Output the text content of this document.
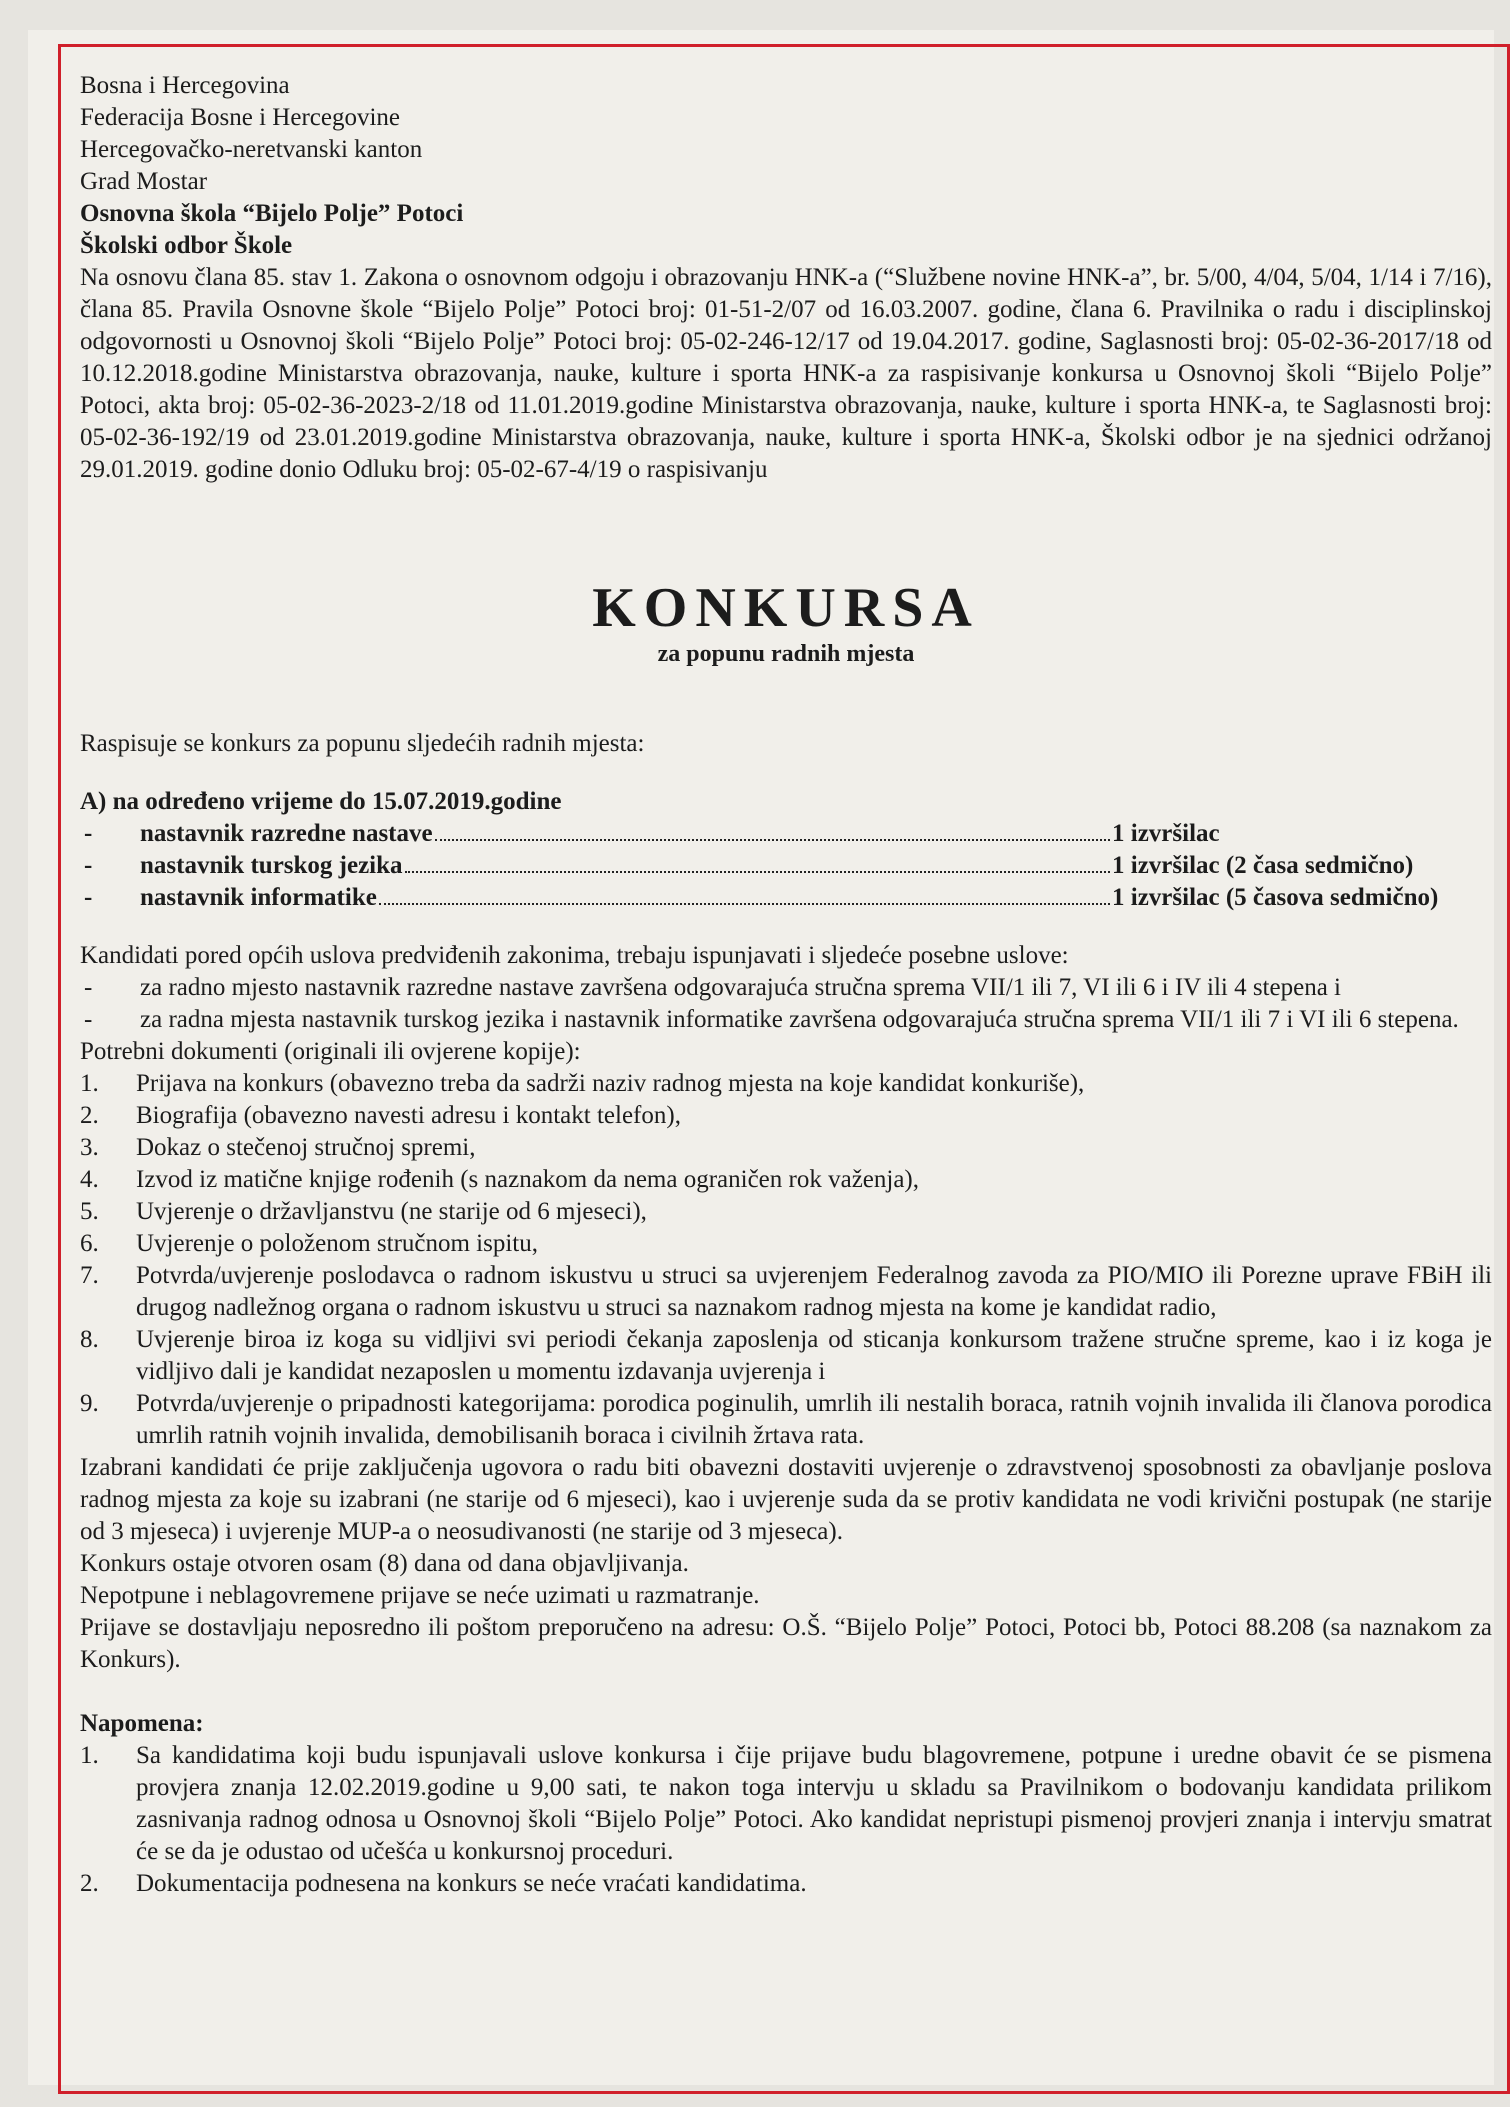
Bosna i Hercegovina

Federacija Bosne i Hercegovine

Hercegovačko-neretvanski kanton

Grad Mostar

Osnovna škola “Bijelo Polje” Potoci

Školski odbor Škole

Na osnovu člana 85. stav 1. Zakona o osnovnom odgoju i obrazovanju HNK-a (“Službene novine HNK-a”, br. 5/00, 4/04, 5/04, 1/14 i 7/16), člana 85. Pravila Osnovne škole “Bijelo Polje” Potoci broj: 01-51-2/07 od 16.03.2007. godine, člana 6. Pravilnika o radu i disciplinskoj odgovornosti u Osnovnoj školi “Bijelo Polje” Potoci broj: 05-02-246-12/17 od 19.04.2017. godine, Saglasnosti broj: 05-02-36-2017/18 od 10.12.2018.godine Ministarstva obrazovanja, nauke, kulture i sporta HNK-a za raspisivanje konkursa u Osnovnoj školi “Bijelo Polje” Potoci, akta broj: 05-02-36-2023-2/18 od 11.01.2019.godine Ministarstva obrazovanja, nauke, kulture i sporta HNK-a, te Saglasnosti broj: 05-02-36-192/19 od 23.01.2019.godine Ministarstva obrazovanja, nauke, kulture i sporta HNK-a, Školski odbor je na sjednici održanoj 29.01.2019. godine donio Odluku broj: 05-02-67-4/19 o raspisivanju

KONKURSA
za popunu radnih mjesta

Raspisuje se konkurs za popunu sljedećih radnih mjesta:

A) na određeno vrijeme do 15.07.2019.godine

-	nastavnik razredne nastave	1 izvršilac
-	nastavnik turskog jezika	1 izvršilac (2 časa sedmično)
-	nastavnik informatike	1 izvršilac (5 časova sedmično)

Kandidati pored općih uslova predviđenih zakonima, trebaju ispunjavati i sljedeće posebne uslove:

-	za radno mjesto nastavnik razredne nastave završena odgovarajuća stručna sprema VII/1 ili 7, VI ili 6 i IV ili 4 stepena i
-	za radna mjesta nastavnik turskog jezika i nastavnik informatike završena odgovarajuća stručna sprema VII/1 ili 7 i VI ili 6 stepena.

Potrebni dokumenti (originali ili ovjerene kopije):

1.	Prijava na konkurs (obavezno treba da sadrži naziv radnog mjesta na koje kandidat konkuriše),
2.	Biografija (obavezno navesti adresu i kontakt telefon),
3.	Dokaz o stečenoj stručnoj spremi,
4.	Izvod iz matične knjige rođenih (s naznakom da nema ograničen rok važenja),
5.	Uvjerenje o državljanstvu (ne starije od 6 mjeseci),
6.	Uvjerenje o položenom stručnom ispitu,
7.	Potvrda/uvjerenje poslodavca o radnom iskustvu u struci sa uvjerenjem Federalnog zavoda za PIO/MIO ili Porezne uprave FBiH ili drugog nadležnog organa o radnom iskustvu u struci sa naznakom radnog mjesta na kome je kandidat radio,
8.	Uvjerenje biroa iz koga su vidljivi svi periodi čekanja zaposlenja od sticanja konkursom tražene stručne spreme, kao i iz koga je vidljivo dali je kandidat nezaposlen u momentu izdavanja uvjerenja i
9.	Potvrda/uvjerenje o pripadnosti kategorijama: porodica poginulih, umrlih ili nestalih boraca, ratnih vojnih invalida ili članova porodica umrlih ratnih vojnih invalida, demobilisanih boraca i civilnih žrtava rata.

Izabrani kandidati će prije zaključenja ugovora o radu biti obavezni dostaviti uvjerenje o zdravstvenoj sposobnosti za obavljanje poslova radnog mjesta za koje su izabrani (ne starije od 6 mjeseci), kao i uvjerenje suda da se protiv kandidata ne vodi krivični postupak (ne starije od 3 mjeseca) i uvjerenje MUP-a o neosudivanosti (ne starije od 3 mjeseca).

Konkurs ostaje otvoren osam (8) dana od dana objavljivanja.

Nepotpune i neblagovremene prijave se neće uzimati u razmatranje.

Prijave se dostavljaju neposredno ili poštom preporučeno na adresu: O.Š. “Bijelo Polje” Potoci, Potoci bb, Potoci 88.208 (sa naznakom za Konkurs).

Napomena:

1.	Sa kandidatima koji budu ispunjavali uslove konkursa i čije prijave budu blagovremene, potpune i uredne obavit će se pismena provjera znanja 12.02.2019.godine u 9,00 sati, te nakon toga intervju u skladu sa Pravilnikom o bodovanju kandidata prilikom zasnivanja radnog odnosa u Osnovnoj školi “Bijelo Polje” Potoci. Ako kandidat nepristupi pismenoj provjeri znanja i intervju smatrat će se da je odustao od učešća u konkursnoj proceduri.
2.	Dokumentacija podnesena na konkurs se neće vraćati kandidatima.
